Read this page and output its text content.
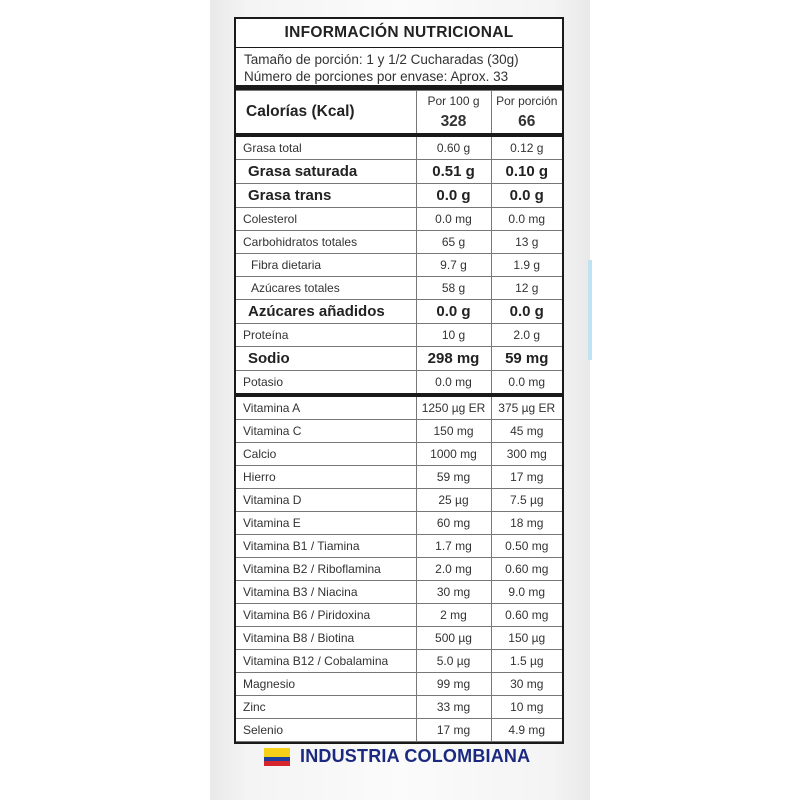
INFORMACIÓN NUTRICIONAL
Tamaño de porción: 1 y 1/2 Cucharadas (30g)
Número de porciones por envase: Aprox. 33
Calorías (Kcal)	Por 100 g	Por porción
	328	66
Grasa total	0.60 g	0.12 g
Grasa saturada	0.51 g	0.10 g
Grasa trans	0.0 g	0.0 g
Colesterol	0.0 mg	0.0 mg
Carbohidratos totales	65 g	13 g
Fibra dietaria	9.7 g	1.9 g
Azúcares totales	58 g	12 g
Azúcares añadidos	0.0 g	0.0 g
Proteína	10 g	2.0 g
Sodio	298 mg	59 mg
Potasio	0.0 mg	0.0 mg
Vitamina A	1250 µg ER	375 µg ER
Vitamina C	150 mg	45 mg
Calcio	1000 mg	300 mg
Hierro	59 mg	17 mg
Vitamina D	25 µg	7.5 µg
Vitamina E	60 mg	18 mg
Vitamina B1 / Tiamina	1.7 mg	0.50 mg
Vitamina B2 / Riboflamina	2.0 mg	0.60 mg
Vitamina B3 / Niacina	30 mg	9.0 mg
Vitamina B6 / Piridoxina	2 mg	0.60 mg
Vitamina B8 / Biotina	500 µg	150 µg
Vitamina B12 / Cobalamina	5.0 µg	1.5 µg
Magnesio	99 mg	30 mg
Zinc	33 mg	10 mg
Selenio	17 mg	4.9 mg
INDUSTRIA COLOMBIANA
